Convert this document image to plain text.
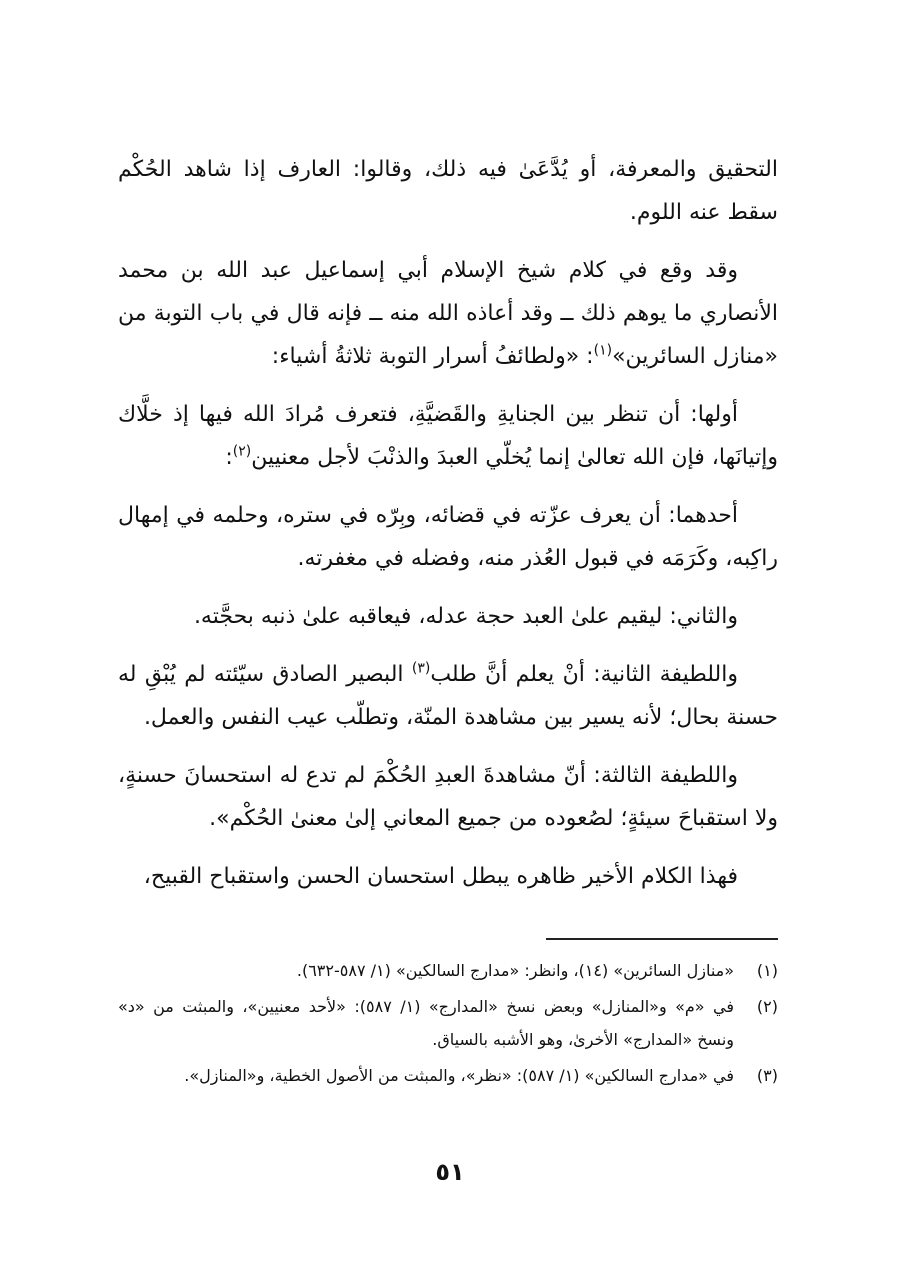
التحقيق والمعرفة، أو يُدَّعَىٰ فيه ذلك، وقالوا: العارف إذا شاهد الحُكْم سقط عنه اللوم.

وقد وقع في كلام شيخ الإسلام أبي إسماعيل عبد الله بن محمد الأنصاري ما يوهم ذلك ــ وقد أعاذه الله منه ــ فإنه قال في باب التوبة من «منازل السائرين»$^{(١)}$: «ولطائفُ أسرار التوبة ثلاثةُ أشياء:

أولها: أن تنظر بين الجنايةِ والقَضيَّةِ، فتعرف مُرادَ الله فيها إذ خلَّاك وإتيانَها، فإن الله تعالىٰ إنما يُخلّي العبدَ والذنْبَ لأجل معنيين$^{(٢)}$:

أحدهما: أن يعرف عزّته في قضائه، وبِرّه في ستره، وحلمه في إمهال راكِبه، وكَرَمَه في قبول العُذر منه، وفضله في مغفرته.

والثاني: ليقيم علىٰ العبد حجة عدله، فيعاقبه علىٰ ذنبه بحجَّته.

واللطيفة الثانية: أنْ يعلم أنَّ طلب$^{(٣)}$ البصير الصادق سيّئته لم يُبْقِ له حسنة بحال؛ لأنه يسير بين مشاهدة المنّة، وتطلّب عيب النفس والعمل.

واللطيفة الثالثة: أنّ مشاهدةَ العبدِ الحُكْمَ لم تدع له استحسانَ حسنةٍ، ولا استقباحَ سيئةٍ؛ لصُعوده من جميع المعاني إلىٰ معنىٰ الحُكْم».

فهذا الكلام الأخير ظاهره يبطل استحسان الحسن واستقباح القبيح،

(١)
«منازل السائرين» (١٤)، وانظر: «مدارج السالكين» (١/ ٥٨٧-٦٣٢).
(٢)
في «م» و«المنازل» وبعض نسخ «المدارج» (١/ ٥٨٧): «لأحد معنيين»، والمبثت من «د» ونسخ «المدارج» الأخرىٰ، وهو الأشبه بالسياق.
(٣)
في «مدارج السالكين» (١/ ٥٨٧): «نظر»، والمبثت من الأصول الخطية، و«المنازل».
٥١
